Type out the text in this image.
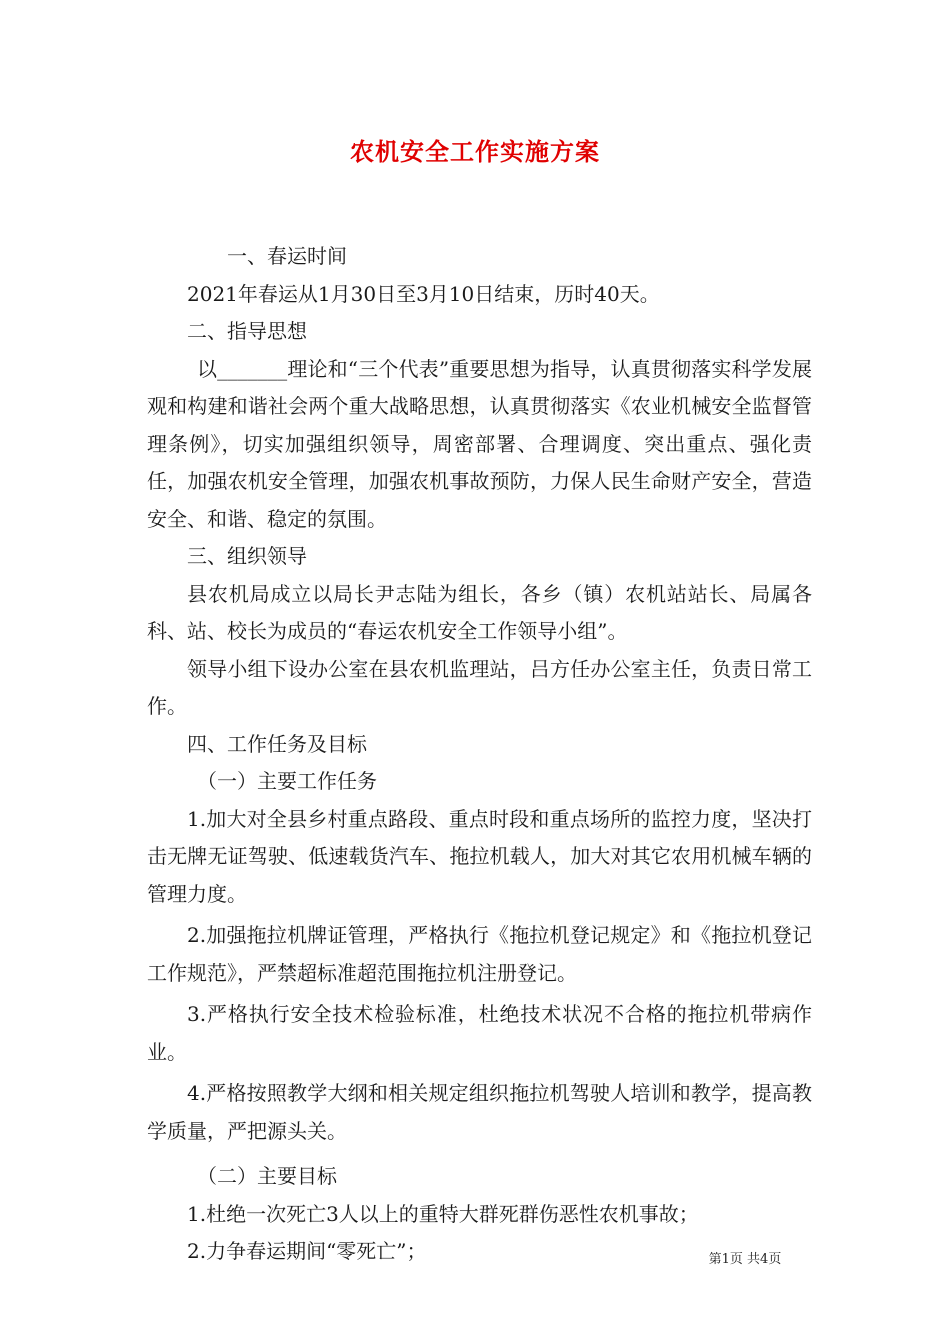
农机安全工作实施方案

一、春运时间

2021年春运从1月30日至3月10日结束，历时40天。

二、指导思想

以_______理论和“三个代表”重要思想为指导，认真贯彻落实科学发展观和构建和谐社会两个重大战略思想，认真贯彻落实《农业机械安全监督管理条例》，切实加强组织领导，周密部署、合理调度、突出重点、强化责任，加强农机安全管理，加强农机事故预防，力保人民生命财产安全，营造安全、和谐、稳定的氛围。

三、组织领导

县农机局成立以局长尹志陆为组长，各乡（镇）农机站站长、局属各科、站、校长为成员的“春运农机安全工作领导小组”。

领导小组下设办公室在县农机监理站，吕方任办公室主任，负责日常工作。

四、工作任务及目标

（一）主要工作任务

1.加大对全县乡村重点路段、重点时段和重点场所的监控力度，坚决打击无牌无证驾驶、低速载货汽车、拖拉机载人，加大对其它农用机械车辆的管理力度。

2.加强拖拉机牌证管理，严格执行《拖拉机登记规定》和《拖拉机登记工作规范》，严禁超标准超范围拖拉机注册登记。

3.严格执行安全技术检验标准，杜绝技术状况不合格的拖拉机带病作业。

4.严格按照教学大纲和相关规定组织拖拉机驾驶人培训和教学，提高教学质量，严把源头关。

（二）主要目标

1.杜绝一次死亡3人以上的重特大群死群伤恶性农机事故；

2.力争春运期间“零死亡”；	第1页 共4页
